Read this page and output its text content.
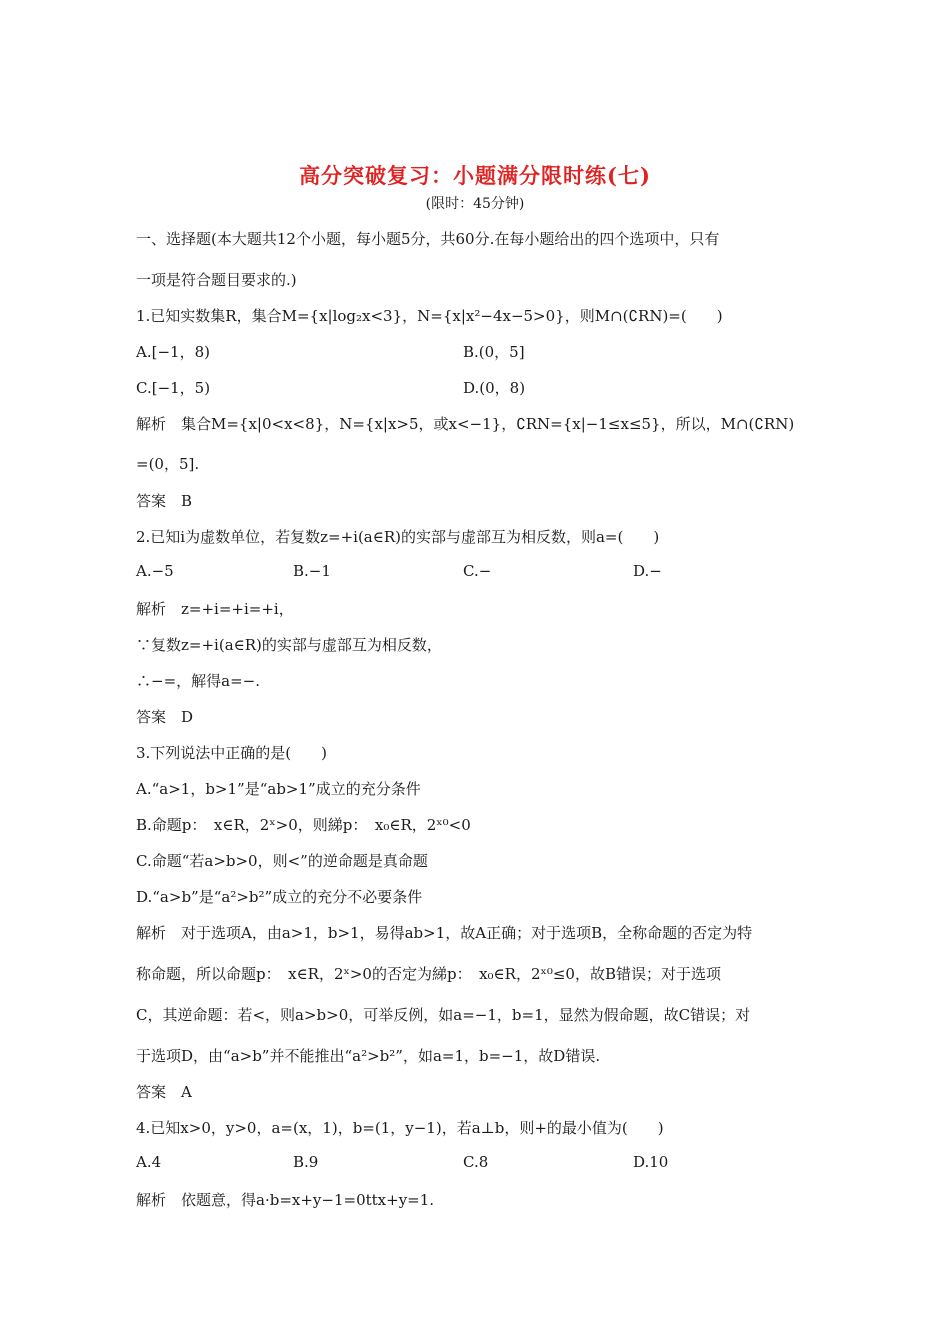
高分突破复习：小题满分限时练(七)
(限时：45分钟)
一、选择题(本大题共12个小题，每小题5分，共60分.在每小题给出的四个选项中，只有
一项是符合题目要求的.)
1.已知实数集R，集合M={x|log₂x<3}，N={x|x²−4x−5>0}，则M∩(∁RN)=(　　)
A.[−1，8)	B.(0，5]
C.[−1，5)	D.(0，8)
解析　集合M={x|0<x<8}，N={x|x>5，或x<−1}，∁RN={x|−1≤x≤5}，所以，M∩(∁RN)
=(0，5].
答案　B
2.已知i为虚数单位，若复数z=+i(a∈R)的实部与虚部互为相反数，则a=(　　)
A.−5	B.−1	C.−	D.−
解析　z=+i=+i=+i，
∵复数z=+i(a∈R)的实部与虚部互为相反数，
∴−=，解得a=−.
答案　D
3.下列说法中正确的是(　　)
A.“a>1，b>1”是“ab>1”成立的充分条件
B.命题p：　x∈R，2ˣ>0，则綈p：　x₀∈R，2ˣ⁰<0
C.命题“若a>b>0，则<”的逆命题是真命题
D.“a>b”是“a²>b²”成立的充分不必要条件
解析　对于选项A，由a>1，b>1，易得ab>1，故A正确；对于选项B，全称命题的否定为特
称命题，所以命题p：　x∈R，2ˣ>0的否定为綈p：　x₀∈R，2ˣ⁰≤0，故B错误；对于选项
C，其逆命题：若<，则a>b>0，可举反例，如a=−1，b=1，显然为假命题，故C错误；对
于选项D，由“a>b”并不能推出“a²>b²”，如a=1，b=−1，故D错误.
答案　A
4.已知x>0，y>0，a=(x，1)，b=(1，y−1)，若a⊥b，则+的最小值为(　　)
A.4	B.9	C.8	D.10
解析　依题意，得a·b=x+y−1=0ttx+y=1.
